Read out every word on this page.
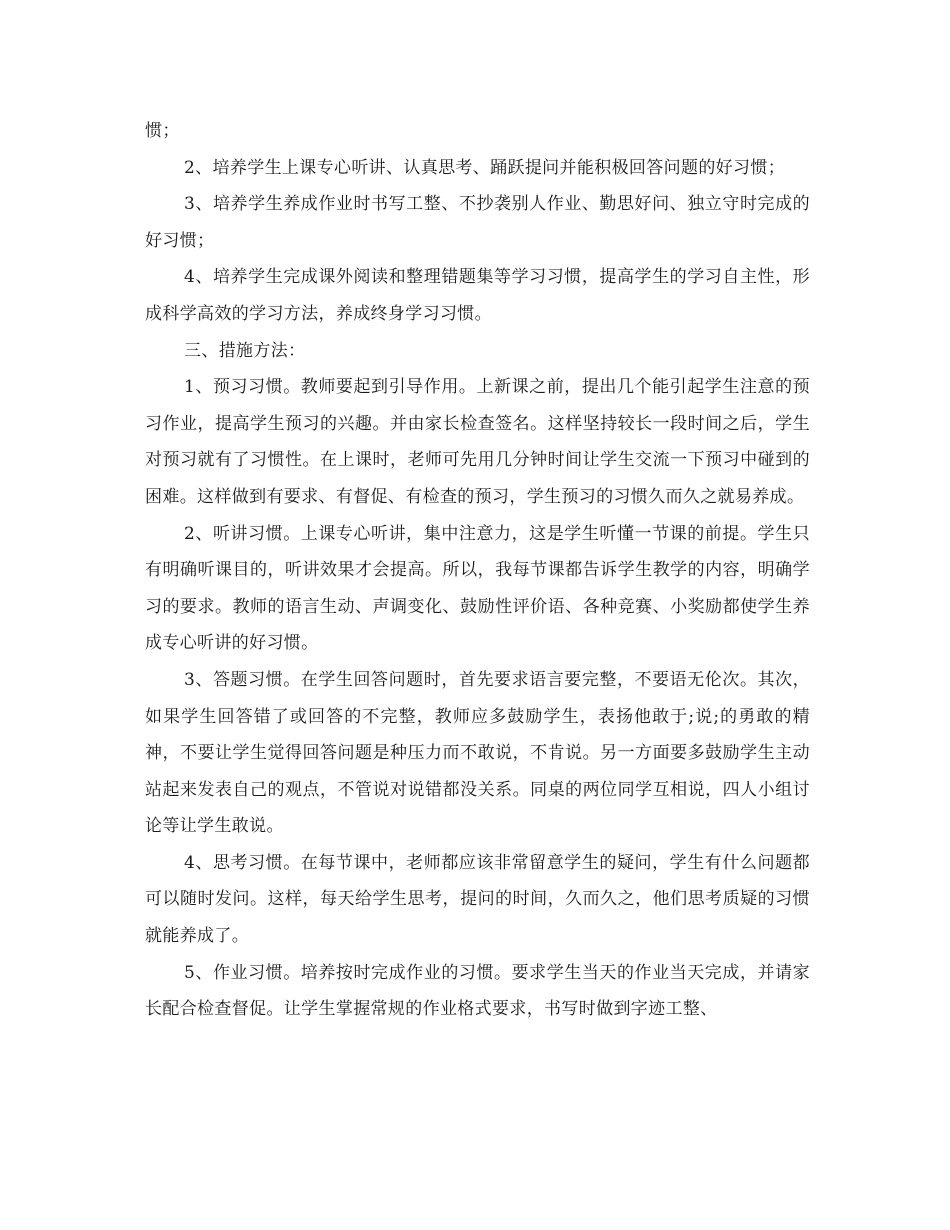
惯；

2、培养学生上课专心听讲、认真思考、踊跃提问并能积极回答问题的好习惯；

3、培养学生养成作业时书写工整、不抄袭别人作业、勤思好问、独立守时完成的好习惯；

4、培养学生完成课外阅读和整理错题集等学习习惯，提高学生的学习自主性，形成科学高效的学习方法，养成终身学习习惯。

三、措施方法：

1、预习习惯。教师要起到引导作用。上新课之前，提出几个能引起学生注意的预习作业，提高学生预习的兴趣。并由家长检查签名。这样坚持较长一段时间之后，学生对预习就有了习惯性。在上课时，老师可先用几分钟时间让学生交流一下预习中碰到的困难。这样做到有要求、有督促、有检查的预习，学生预习的习惯久而久之就易养成。

2、听讲习惯。上课专心听讲，集中注意力，这是学生听懂一节课的前提。学生只有明确听课目的，听讲效果才会提高。所以，我每节课都告诉学生教学的内容，明确学习的要求。教师的语言生动、声调变化、鼓励性评价语、各种竞赛、小奖励都使学生养成专心听讲的好习惯。

3、答题习惯。在学生回答问题时，首先要求语言要完整，不要语无伦次。其次，如果学生回答错了或回答的不完整，教师应多鼓励学生，表扬他敢于;说;的勇敢的精神，不要让学生觉得回答问题是种压力而不敢说，不肯说。另一方面要多鼓励学生主动站起来发表自己的观点，不管说对说错都没关系。同桌的两位同学互相说，四人小组讨论等让学生敢说。

4、思考习惯。在每节课中，老师都应该非常留意学生的疑问，学生有什么问题都可以随时发问。这样，每天给学生思考，提问的时间，久而久之，他们思考质疑的习惯就能养成了。

5、作业习惯。培养按时完成作业的习惯。要求学生当天的作业当天完成，并请家长配合检查督促。让学生掌握常规的作业格式要求，书写时做到字迹工整、
